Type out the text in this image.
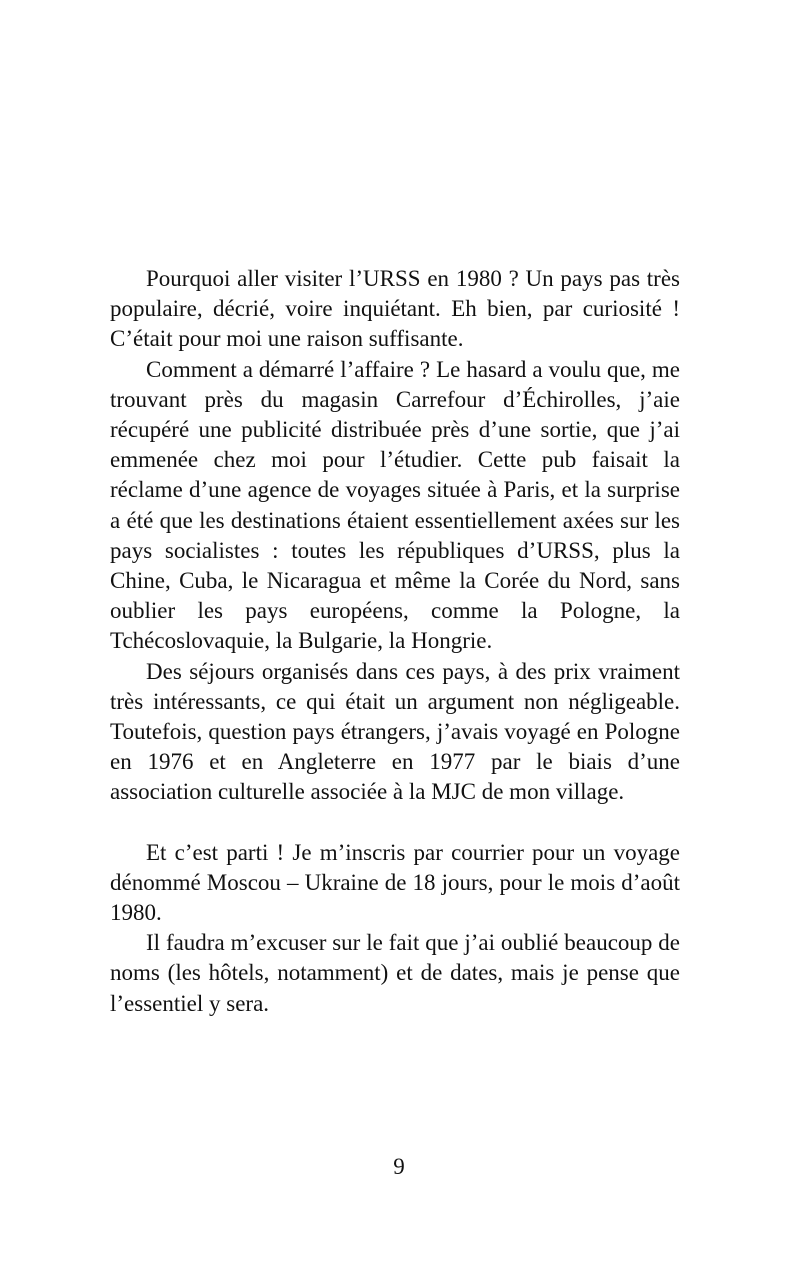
Pourquoi aller visiter l’URSS en 1980 ? Un pays pas très populaire, décrié, voire inquiétant. Eh bien, par curiosité ! C’était pour moi une raison suffisante.

Comment a démarré l’affaire ? Le hasard a voulu que, me trouvant près du magasin Carrefour d’Échirolles, j’aie récupéré une publicité distribuée près d’une sortie, que j’ai emmenée chez moi pour l’étudier. Cette pub faisait la réclame d’une agence de voyages située à Paris, et la surprise a été que les destinations étaient essentiellement axées sur les pays socialistes : toutes les républiques d’URSS, plus la Chine, Cuba, le Nicaragua et même la Corée du Nord, sans oublier les pays européens, comme la Pologne, la Tchécoslovaquie, la Bulgarie, la Hongrie.

Des séjours organisés dans ces pays, à des prix vraiment très intéressants, ce qui était un argument non négligeable. Toutefois, question pays étrangers, j’avais voyagé en Pologne en 1976 et en Angleterre en 1977 par le biais d’une association culturelle associée à la MJC de mon village.

Et c’est parti ! Je m’inscris par courrier pour un voyage dénommé Moscou – Ukraine de 18 jours, pour le mois d’août 1980.

Il faudra m’excuser sur le fait que j’ai oublié beaucoup de noms (les hôtels, notamment) et de dates, mais je pense que l’essentiel y sera.

9
